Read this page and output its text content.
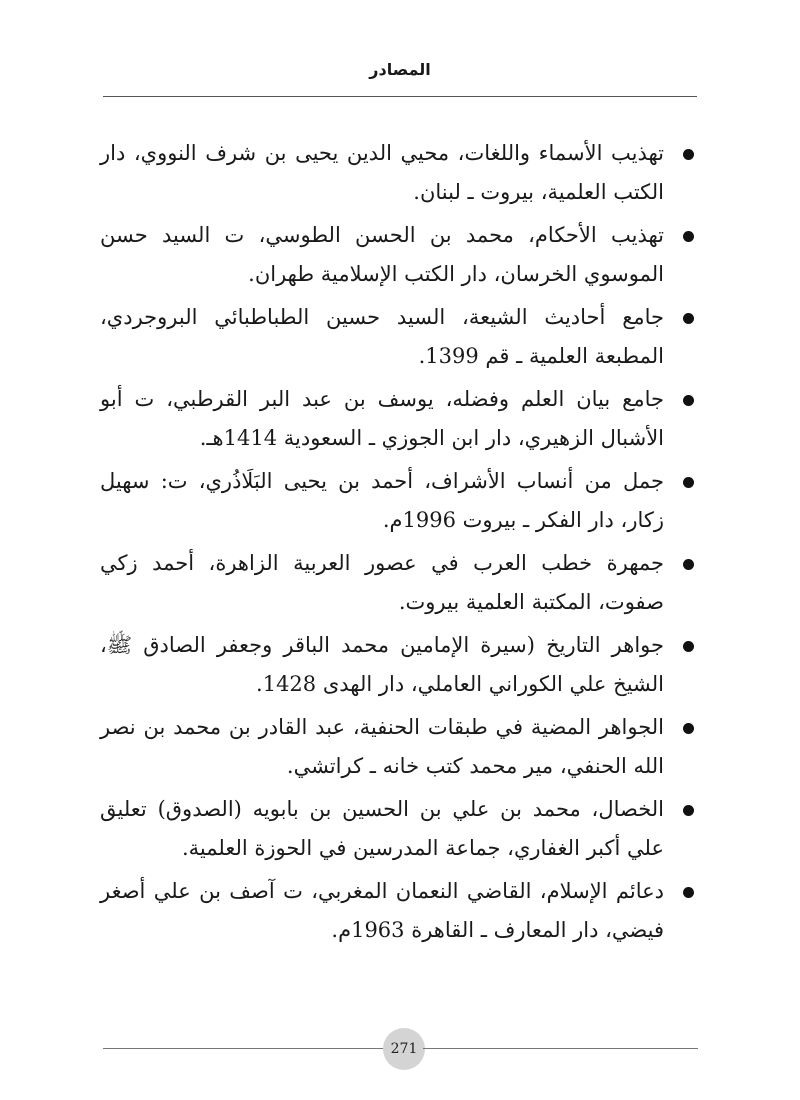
المصادر
تهذيب الأسماء واللغات، محيي الدين يحيى بن شرف النووي، دار الكتب العلمية، بيروت ـ لبنان.
تهذيب الأحكام، محمد بن الحسن الطوسي، ت السيد حسن الموسوي الخرسان، دار الكتب الإسلامية طهران.
جامع أحاديث الشيعة، السيد حسين الطباطبائي البروجردي، المطبعة العلمية ـ قم 1399.
جامع بيان العلم وفضله، يوسف بن عبد البر القرطبي، ت أبو الأشبال الزهيري، دار ابن الجوزي ـ السعودية 1414هـ.
جمل من أنساب الأشراف، أحمد بن يحيى البَلَاذُري، ت: سهيل زكار، دار الفكر ـ بيروت 1996م.
جمهرة خطب العرب في عصور العربية الزاهرة، أحمد زكي صفوت، المكتبة العلمية بيروت.
جواهر التاريخ (سيرة الإمامين محمد الباقر وجعفر الصادق ﷺ، الشيخ علي الكوراني العاملي، دار الهدى 1428.
الجواهر المضية في طبقات الحنفية، عبد القادر بن محمد بن نصر الله الحنفي، مير محمد كتب خانه ـ كراتشي.
الخصال، محمد بن علي بن الحسين بن بابويه (الصدوق) تعليق علي أكبر الغفاري، جماعة المدرسين في الحوزة العلمية.
دعائم الإسلام، القاضي النعمان المغربي، ت آصف بن علي أصغر فيضي، دار المعارف ـ القاهرة 1963م.
271
